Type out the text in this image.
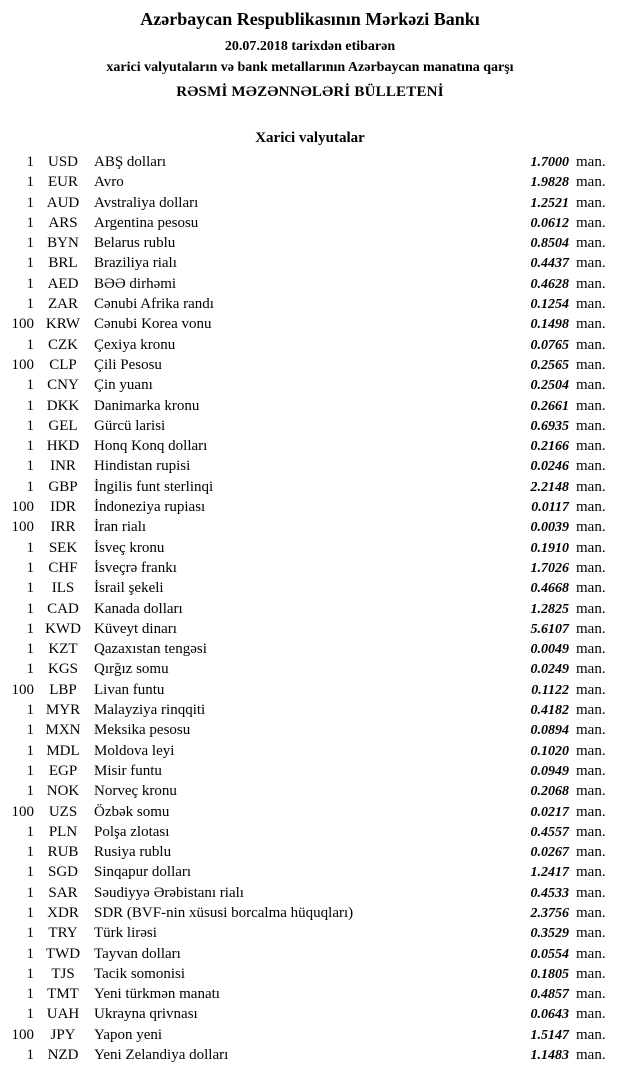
Azərbaycan Respublikasının Mərkəzi Bankı
20.07.2018 tarixdən etibarən
xarici valyutaların və bank metallarının Azərbaycan manatına qarşı
RƏSMİ MƏZƏNNƏLƏRİ BÜLLETENİ
Xarici valyutalar
1 USD	ABŞ dolları	1.7000 man.
1 EUR	Avro	1.9828 man.
1 AUD Avstraliya dolları	1.2521 man.
1 ARS	Argentina pesosu	0.0612 man.
1 BYN	Belarus rublu	0.8504 man.
1 BRL	Braziliya rialı	0.4437 man.
1 AED	BƏƏ dirhəmi	0.4628 man.
1 ZAR	Cənubi Afrika randı	0.1254 man.
100 KRW Cənubi Korea vonu	0.1498 man.
1 CZK	Çexiya kronu	0.0765 man.
100	CLP	Çili Pesosu	0.2565 man.
1 CNY	Çin yuanı	0.2504 man.
1 DKK Danimarka kronu	0.2661 man.
1 GEL	Gürcü larisi	0.6935 man.
1 HKD Honq Konq dolları	0.2166 man.
1	INR	Hindistan rupisi	0.0246 man.
1 GBP	İngilis funt sterlinqi	2.2148 man.
100	IDR	İndoneziya rupiası	0.0117 man.
100	IRR	İran rialı	0.0039 man.
1 SEK	İsveç kronu	0.1910 man.
1 CHF	İsveçrə frankı	1.7026 man.
1	ILS	İsrail şekeli	0.4668 man.
1 CAD	Kanada dolları	1.2825 man.
1 KWD Küveyt dinarı	5.6107 man.
1 KZT	Qazaxıstan tengəsi	0.0049 man.
1 KGS	Qırğız somu	0.0249 man.
100	LBP	Livan funtu	0.1122 man.
1 MYR Malayziya rinqqiti	0.4182 man.
1 MXN Meksika pesosu	0.0894 man.
1 MDL Moldova leyi	0.1020 man.
1 EGP	Misir funtu	0.0949 man.
1 NOK Norveç kronu	0.2068 man.
100 UZS	Özbək somu	0.0217 man.
1 PLN	Polşa zlotası	0.4557 man.
1 RUB	Rusiya rublu	0.0267 man.
1 SGD	Sinqapur dolları	1.2417 man.
1 SAR	Səudiyyə Ərəbistanı rialı	0.4533 man.
1 XDR	SDR (BVF-nin xüsusi borcalma hüquqları)	2.3756 man.
1 TRY	Türk lirəsi	0.3529 man.
1 TWD Tayvan dolları	0.0554 man.
1	TJS	Tacik somonisi	0.1805 man.
1 TMT	Yeni türkmən manatı	0.4857 man.
1 UAH Ukrayna qrivnası	0.0643 man.
100	JPY	Yapon yeni	1.5147 man.
1 NZD	Yeni Zelandiya dolları	1.1483 man.
